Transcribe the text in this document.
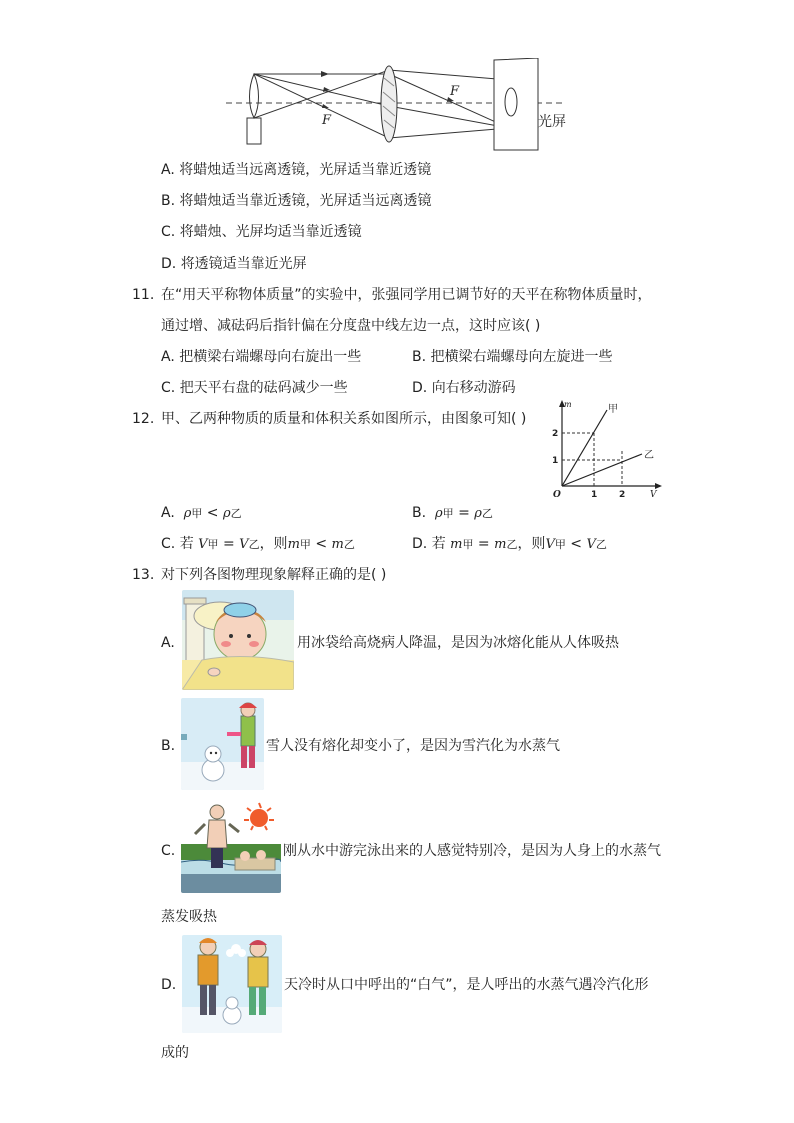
F
F	光屏
A. 将蜡烛适当远离透镜，光屏适当靠近透镜
B. 将蜡烛适当靠近透镜，光屏适当远离透镜
C. 将蜡烛、光屏均适当靠近透镜
D. 将透镜适当靠近光屏
11. 在“用天平称物体质量”的实验中，张强同学用已调节好的天平在称物体质量时，
通过增、减砝码后指针偏在分度盘中线左边一点，这时应该( )
A. 把横梁右端螺母向右旋出一些	B. 把横梁右端螺母向左旋进一些
C. 把天平右盘的砝码减少一些	D. 向右移动游码
12. 甲、乙两种物质的质量和体积关系如图所示，由图象可知( )
m
V
O
2
1
1 2
甲
乙
A. ρ甲 < ρ乙	B. ρ甲 = ρ乙
C. 若 V甲 = V乙，则m甲 < m乙	D. 若 m甲 = m乙，则V甲 < V乙
13. 对下列各图物理现象解释正确的是( )
A.	用冰袋给高烧病人降温，是因为冰熔化能从人体吸热
B.	雪人没有熔化却变小了，是因为雪汽化为水蒸气
C.	刚从水中游完泳出来的人感觉特别冷，是因为人身上的水蒸气
蒸发吸热
D.	天冷时从口中呼出的“白气”，是人呼出的水蒸气遇冷汽化形
成的
